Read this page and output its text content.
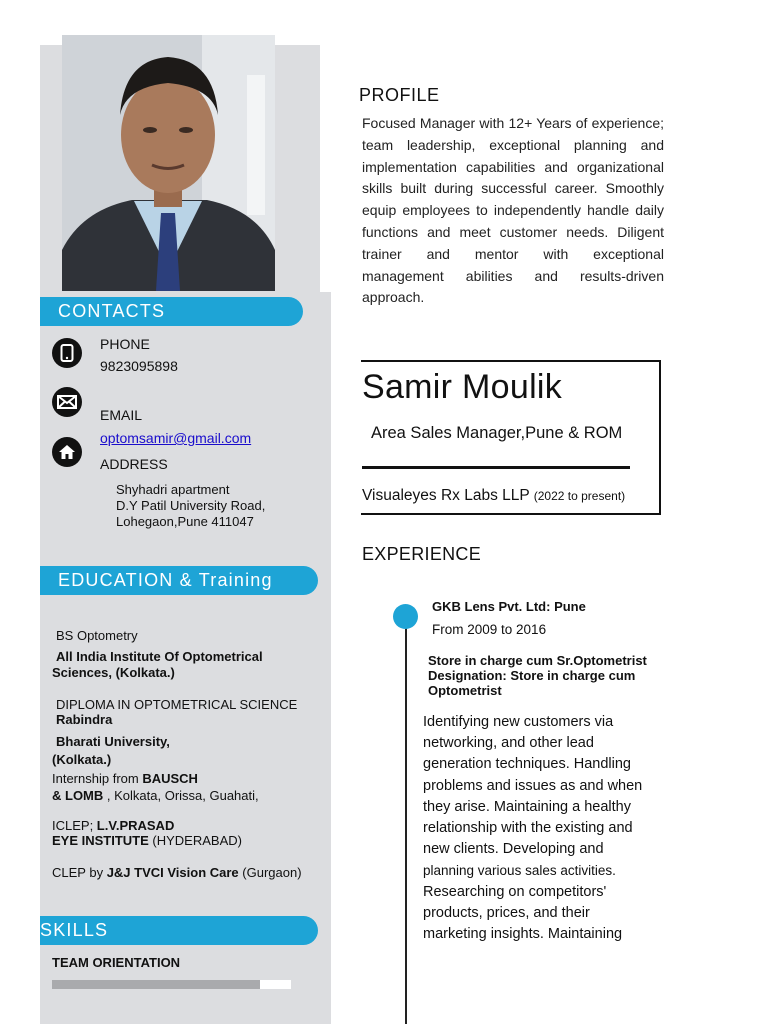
CONTACTS
PHONE
9823095898
EMAIL
optomsamir@gmail.com
ADDRESS
Shyhadri apartment
D.Y Patil University Road,
Lohegaon,Pune 411047
EDUCATION & Training
BS Optometry
All India Institute Of Optometrical
Sciences, (Kolkata.)
DIPLOMA IN OPTOMETRICAL SCIENCE
Rabindra
Bharati University,
(Kolkata.)
Internship from BAUSCH
& LOMB , Kolkata, Orissa, Guahati,
ICLEP; L.V.PRASAD
EYE INSTITUTE (HYDERABAD)
CLEP by J&J TVCI Vision Care (Gurgaon)
SKILLS
TEAM ORIENTATION
PROFILE
Focused Manager with 12+ Years of experience; team leadership, exceptional planning and implementation capabilities and organizational skills built during successful career. Smoothly equip employees to independently handle daily functions and meet customer needs. Diligent trainer and mentor with exceptional management abilities and results-driven approach.
Samir Moulik
Area Sales Manager,Pune & ROM
Visualeyes Rx Labs LLP (2022 to present)
EXPERIENCE
GKB Lens Pvt. Ltd: Pune
From 2009 to 2016
Store in charge cum Sr.Optometrist
Designation: Store in charge cum
Optometrist
Identifying new customers via
networking, and other lead
generation techniques. Handling
problems and issues as and when
they arise. Maintaining a healthy
relationship with the existing and
new clients. Developing and
planning various sales activities.
Researching on competitors'
products, prices, and their
marketing insights. Maintaining
